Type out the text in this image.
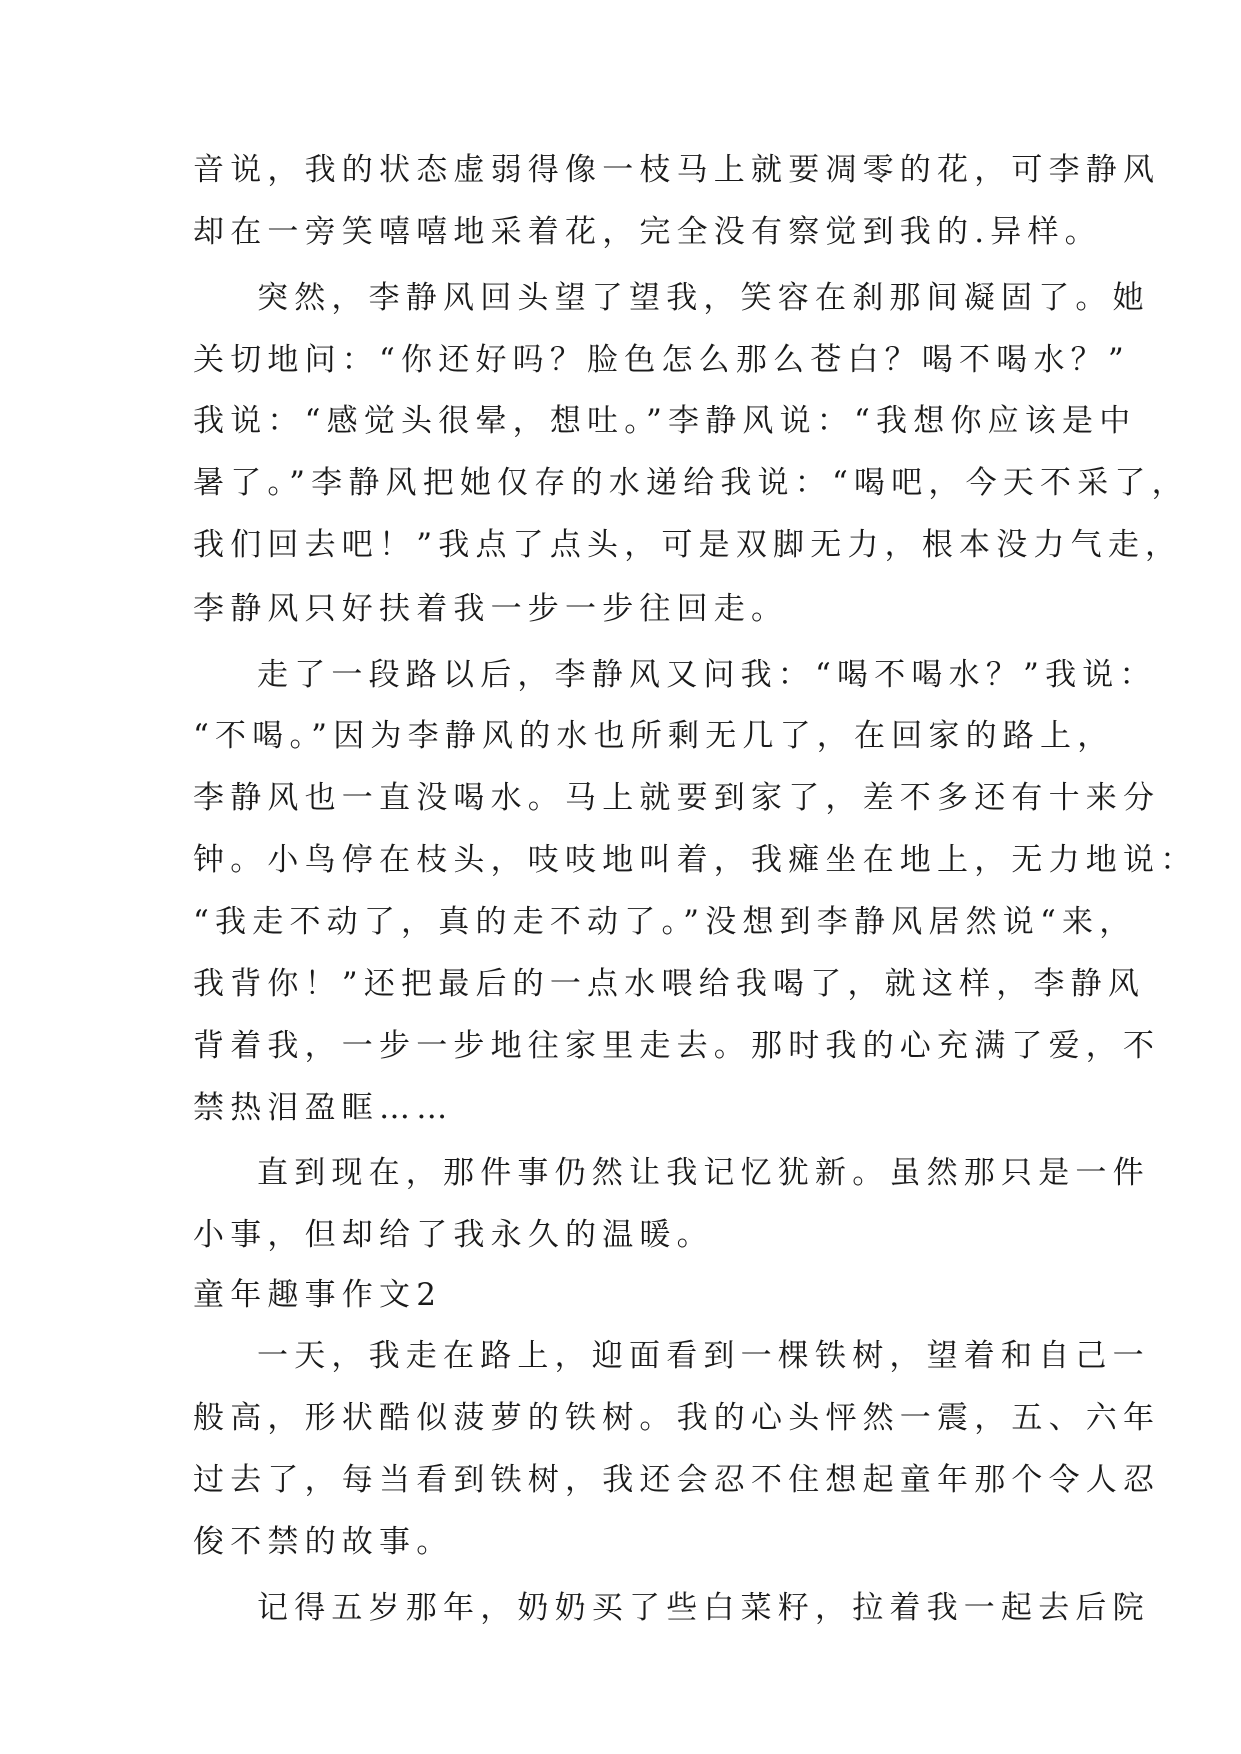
音说，我的状态虚弱得像一枝马上就要凋零的花，可李静风
却在一旁笑嘻嘻地采着花，完全没有察觉到我的.异样。
突然，李静风回头望了望我，笑容在刹那间凝固了。她
关切地问：“你还好吗？脸色怎么那么苍白？喝不喝水？”
我说：“感觉头很晕，想吐。”李静风说：“我想你应该是中
暑了。”李静风把她仅存的水递给我说：“喝吧，今天不采了，
我们回去吧！”我点了点头，可是双脚无力，根本没力气走，
李静风只好扶着我一步一步往回走。
走了一段路以后，李静风又问我：“喝不喝水？”我说：
“不喝。”因为李静风的水也所剩无几了，在回家的路上，
李静风也一直没喝水。马上就要到家了，差不多还有十来分
钟。小鸟停在枝头，吱吱地叫着，我瘫坐在地上，无力地说：
“我走不动了，真的走不动了。”没想到李静风居然说“来，
我背你！”还把最后的一点水喂给我喝了，就这样，李静风
背着我，一步一步地往家里走去。那时我的心充满了爱，不
禁热泪盈眶……
直到现在，那件事仍然让我记忆犹新。虽然那只是一件
小事，但却给了我永久的温暖。
童年趣事作文2
一天，我走在路上，迎面看到一棵铁树，望着和自己一
般高，形状酷似菠萝的铁树。我的心头怦然一震，五、六年
过去了，每当看到铁树，我还会忍不住想起童年那个令人忍
俊不禁的故事。
记得五岁那年，奶奶买了些白菜籽，拉着我一起去后院
